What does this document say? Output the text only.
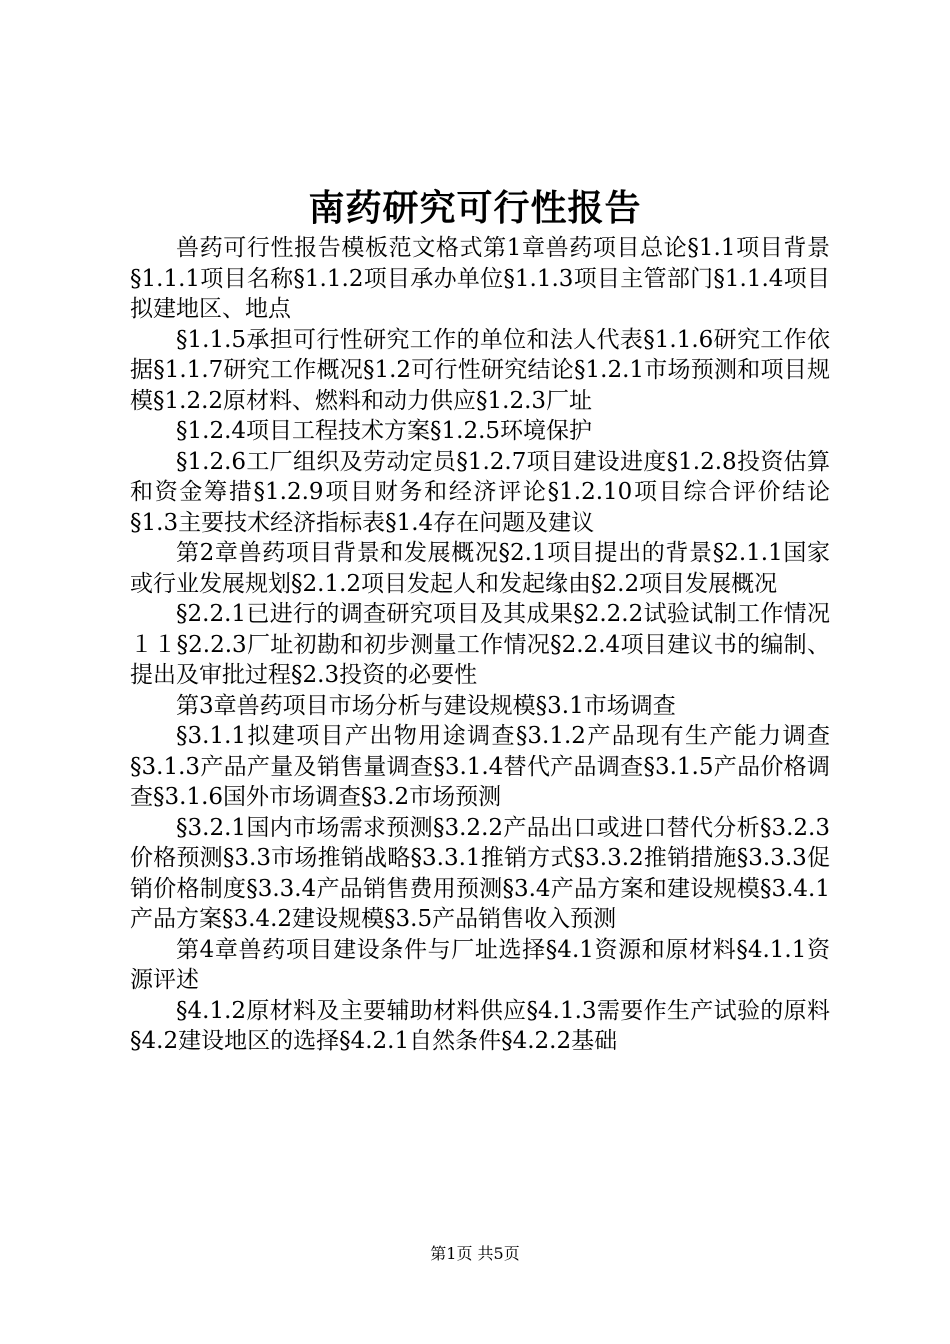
南药研究可行性报告

兽药可行性报告模板范文格式第1章兽药项目总论§1.1项目背景§1.1.1项目名称§1.1.2项目承办单位§1.1.3项目主管部门§1.1.4项目拟建地区、地点

§1.1.5承担可行性研究工作的单位和法人代表§1.1.6研究工作依据§1.1.7研究工作概况§1.2可行性研究结论§1.2.1市场预测和项目规模§1.2.2原材料、燃料和动力供应§1.2.3厂址

§1.2.4项目工程技术方案§1.2.5环境保护

§1.2.6工厂组织及劳动定员§1.2.7项目建设进度§1.2.8投资估算和资金筹措§1.2.9项目财务和经济评论§1.2.10项目综合评价结论§1.3主要技术经济指标表§1.4存在问题及建议

第2章兽药项目背景和发展概况§2.1项目提出的背景§2.1.1国家或行业发展规划§2.1.2项目发起人和发起缘由§2.2项目发展概况

§2.2.1已进行的调查研究项目及其成果§2.2.2试验试制工作情况１１§2.2.3厂址初勘和初步测量工作情况§2.2.4项目建议书的编制、提出及审批过程§2.3投资的必要性

第3章兽药项目市场分析与建设规模§3.1市场调查

§3.1.1拟建项目产出物用途调查§3.1.2产品现有生产能力调查§3.1.3产品产量及销售量调查§3.1.4替代产品调查§3.1.5产品价格调查§3.1.6国外市场调查§3.2市场预测

§3.2.1国内市场需求预测§3.2.2产品出口或进口替代分析§3.2.3价格预测§3.3市场推销战略§3.3.1推销方式§3.3.2推销措施§3.3.3促销价格制度§3.3.4产品销售费用预测§3.4产品方案和建设规模§3.4.1产品方案§3.4.2建设规模§3.5产品销售收入预测

第4章兽药项目建设条件与厂址选择§4.1资源和原材料§4.1.1资源评述

§4.1.2原材料及主要辅助材料供应§4.1.3需要作生产试验的原料§4.2建设地区的选择§4.2.1自然条件§4.2.2基础

第1页 共5页
